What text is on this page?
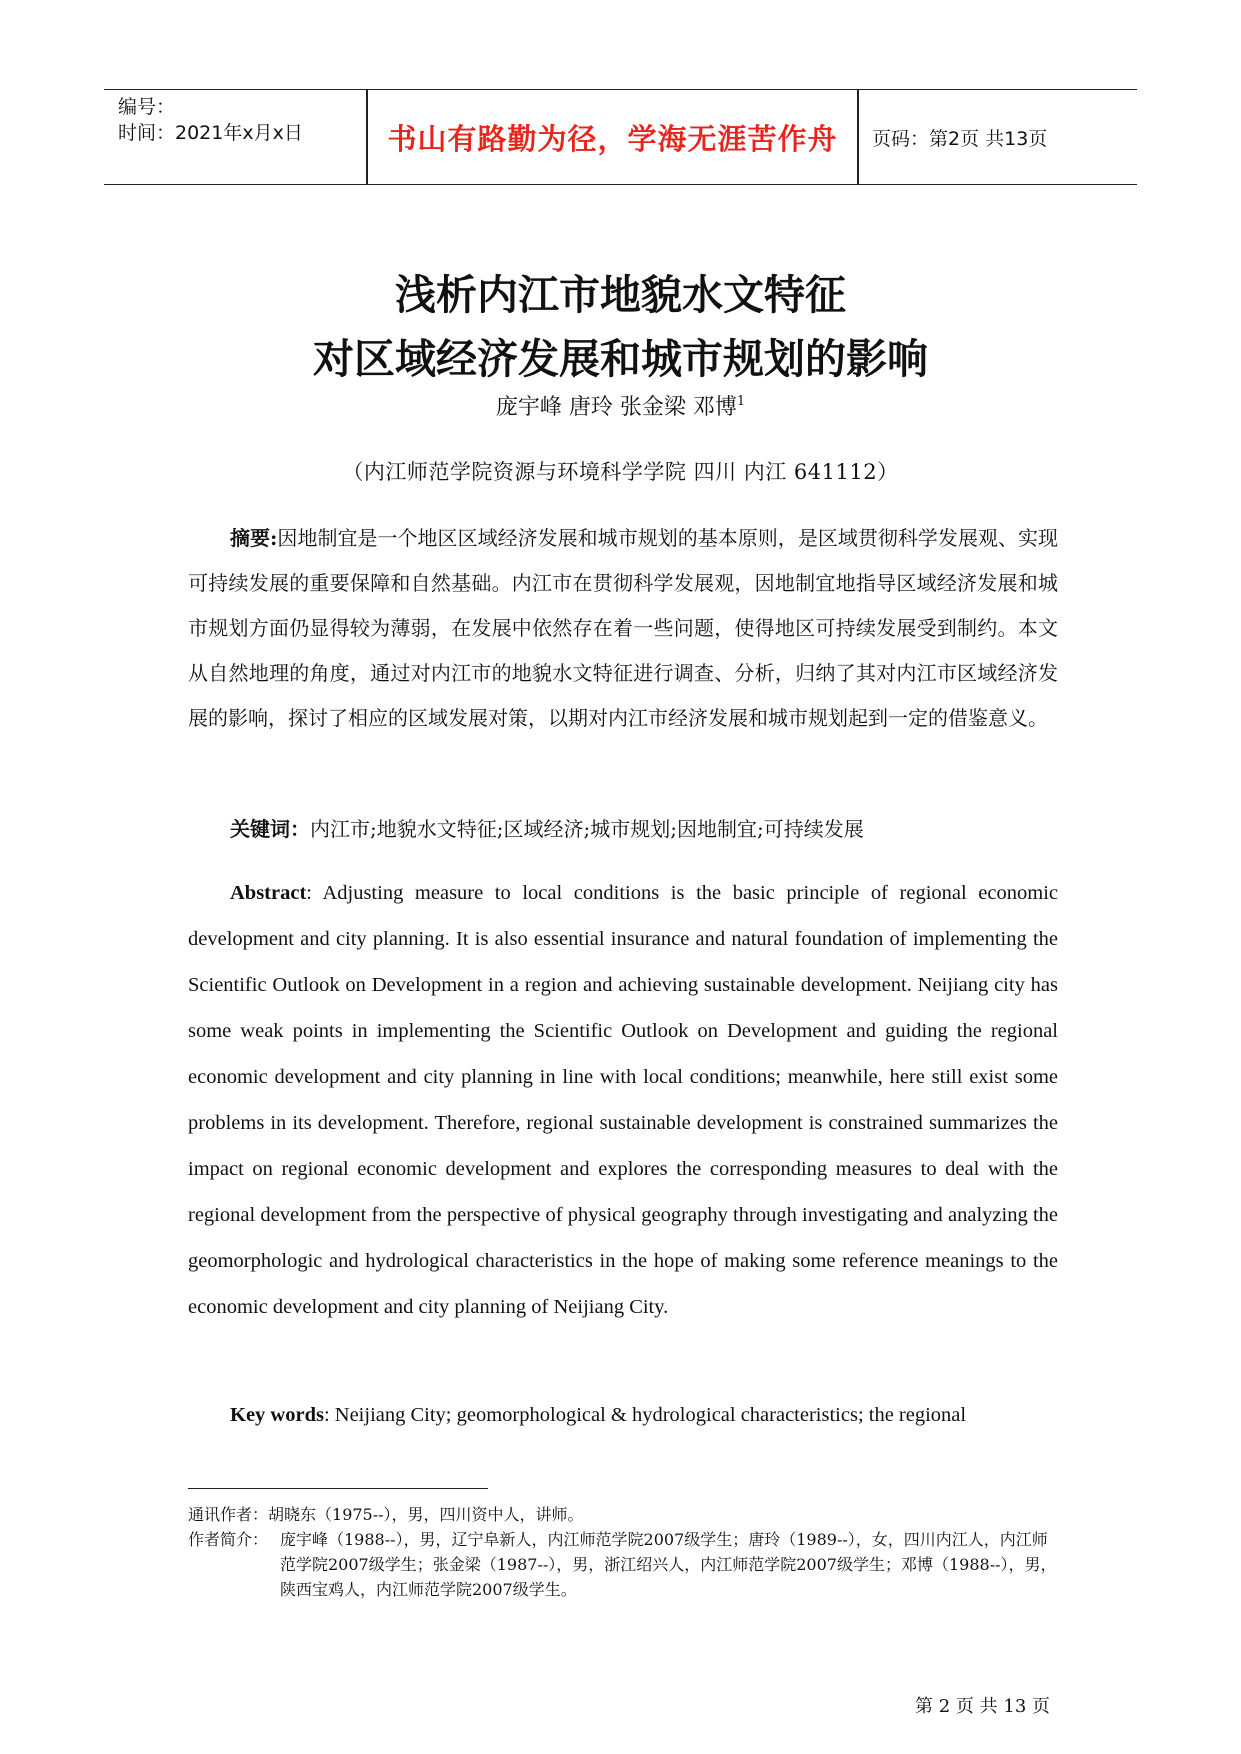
编号：
时间：2021年x月x日	书山有路勤为径，学海无涯苦作舟	页码：第2页 共13页
浅析内江市地貌水文特征
对区域经济发展和城市规划的影响
庞宇峰 唐玲 张金梁 邓博$^1$
（内江师范学院资源与环境科学学院 四川 内江 641112）
摘要:因地制宜是一个地区区域经济发展和城市规划的基本原则，是区域贯彻科学发展观、实现可持续发展的重要保障和自然基础。内江市在贯彻科学发展观，因地制宜地指导区域经济发展和城市规划方面仍显得较为薄弱，在发展中依然存在着一些问题，使得地区可持续发展受到制约。本文从自然地理的角度，通过对内江市的地貌水文特征进行调查、分析，归纳了其对内江市区域经济发展的影响，探讨了相应的区域发展对策，以期对内江市经济发展和城市规划起到一定的借鉴意义。
关键词：内江市;地貌水文特征;区域经济;城市规划;因地制宜;可持续发展
Abstract: Adjusting measure to local conditions is the basic principle of regional economic development and city planning. It is also essential insurance and natural foundation of implementing the Scientific Outlook on Development in a region and achieving sustainable development. Neijiang city has some weak points in implementing the Scientific Outlook on Development and guiding the regional economic development and city planning in line with local conditions; meanwhile, here still exist some problems in its development. Therefore, regional sustainable development is constrained summarizes the impact on regional economic development and explores the corresponding measures to deal with the regional development from the perspective of physical geography through investigating and analyzing the geomorphologic and hydrological characteristics in the hope of making some reference meanings to the economic development and city planning of Neijiang City.
Key words: Neijiang City; geomorphological & hydrological characteristics; the regional
通讯作者：胡晓东（1975--），男，四川资中人，讲师。
作者简介： 庞宇峰（1988--），男，辽宁阜新人，内江师范学院2007级学生；唐玲（1989--），女，四川内江人，内江师范学院2007级学生；张金梁（1987--），男，浙江绍兴人，内江师范学院2007级学生；邓博（1988--），男，陕西宝鸡人，内江师范学院2007级学生。
第 2 页 共 13 页
